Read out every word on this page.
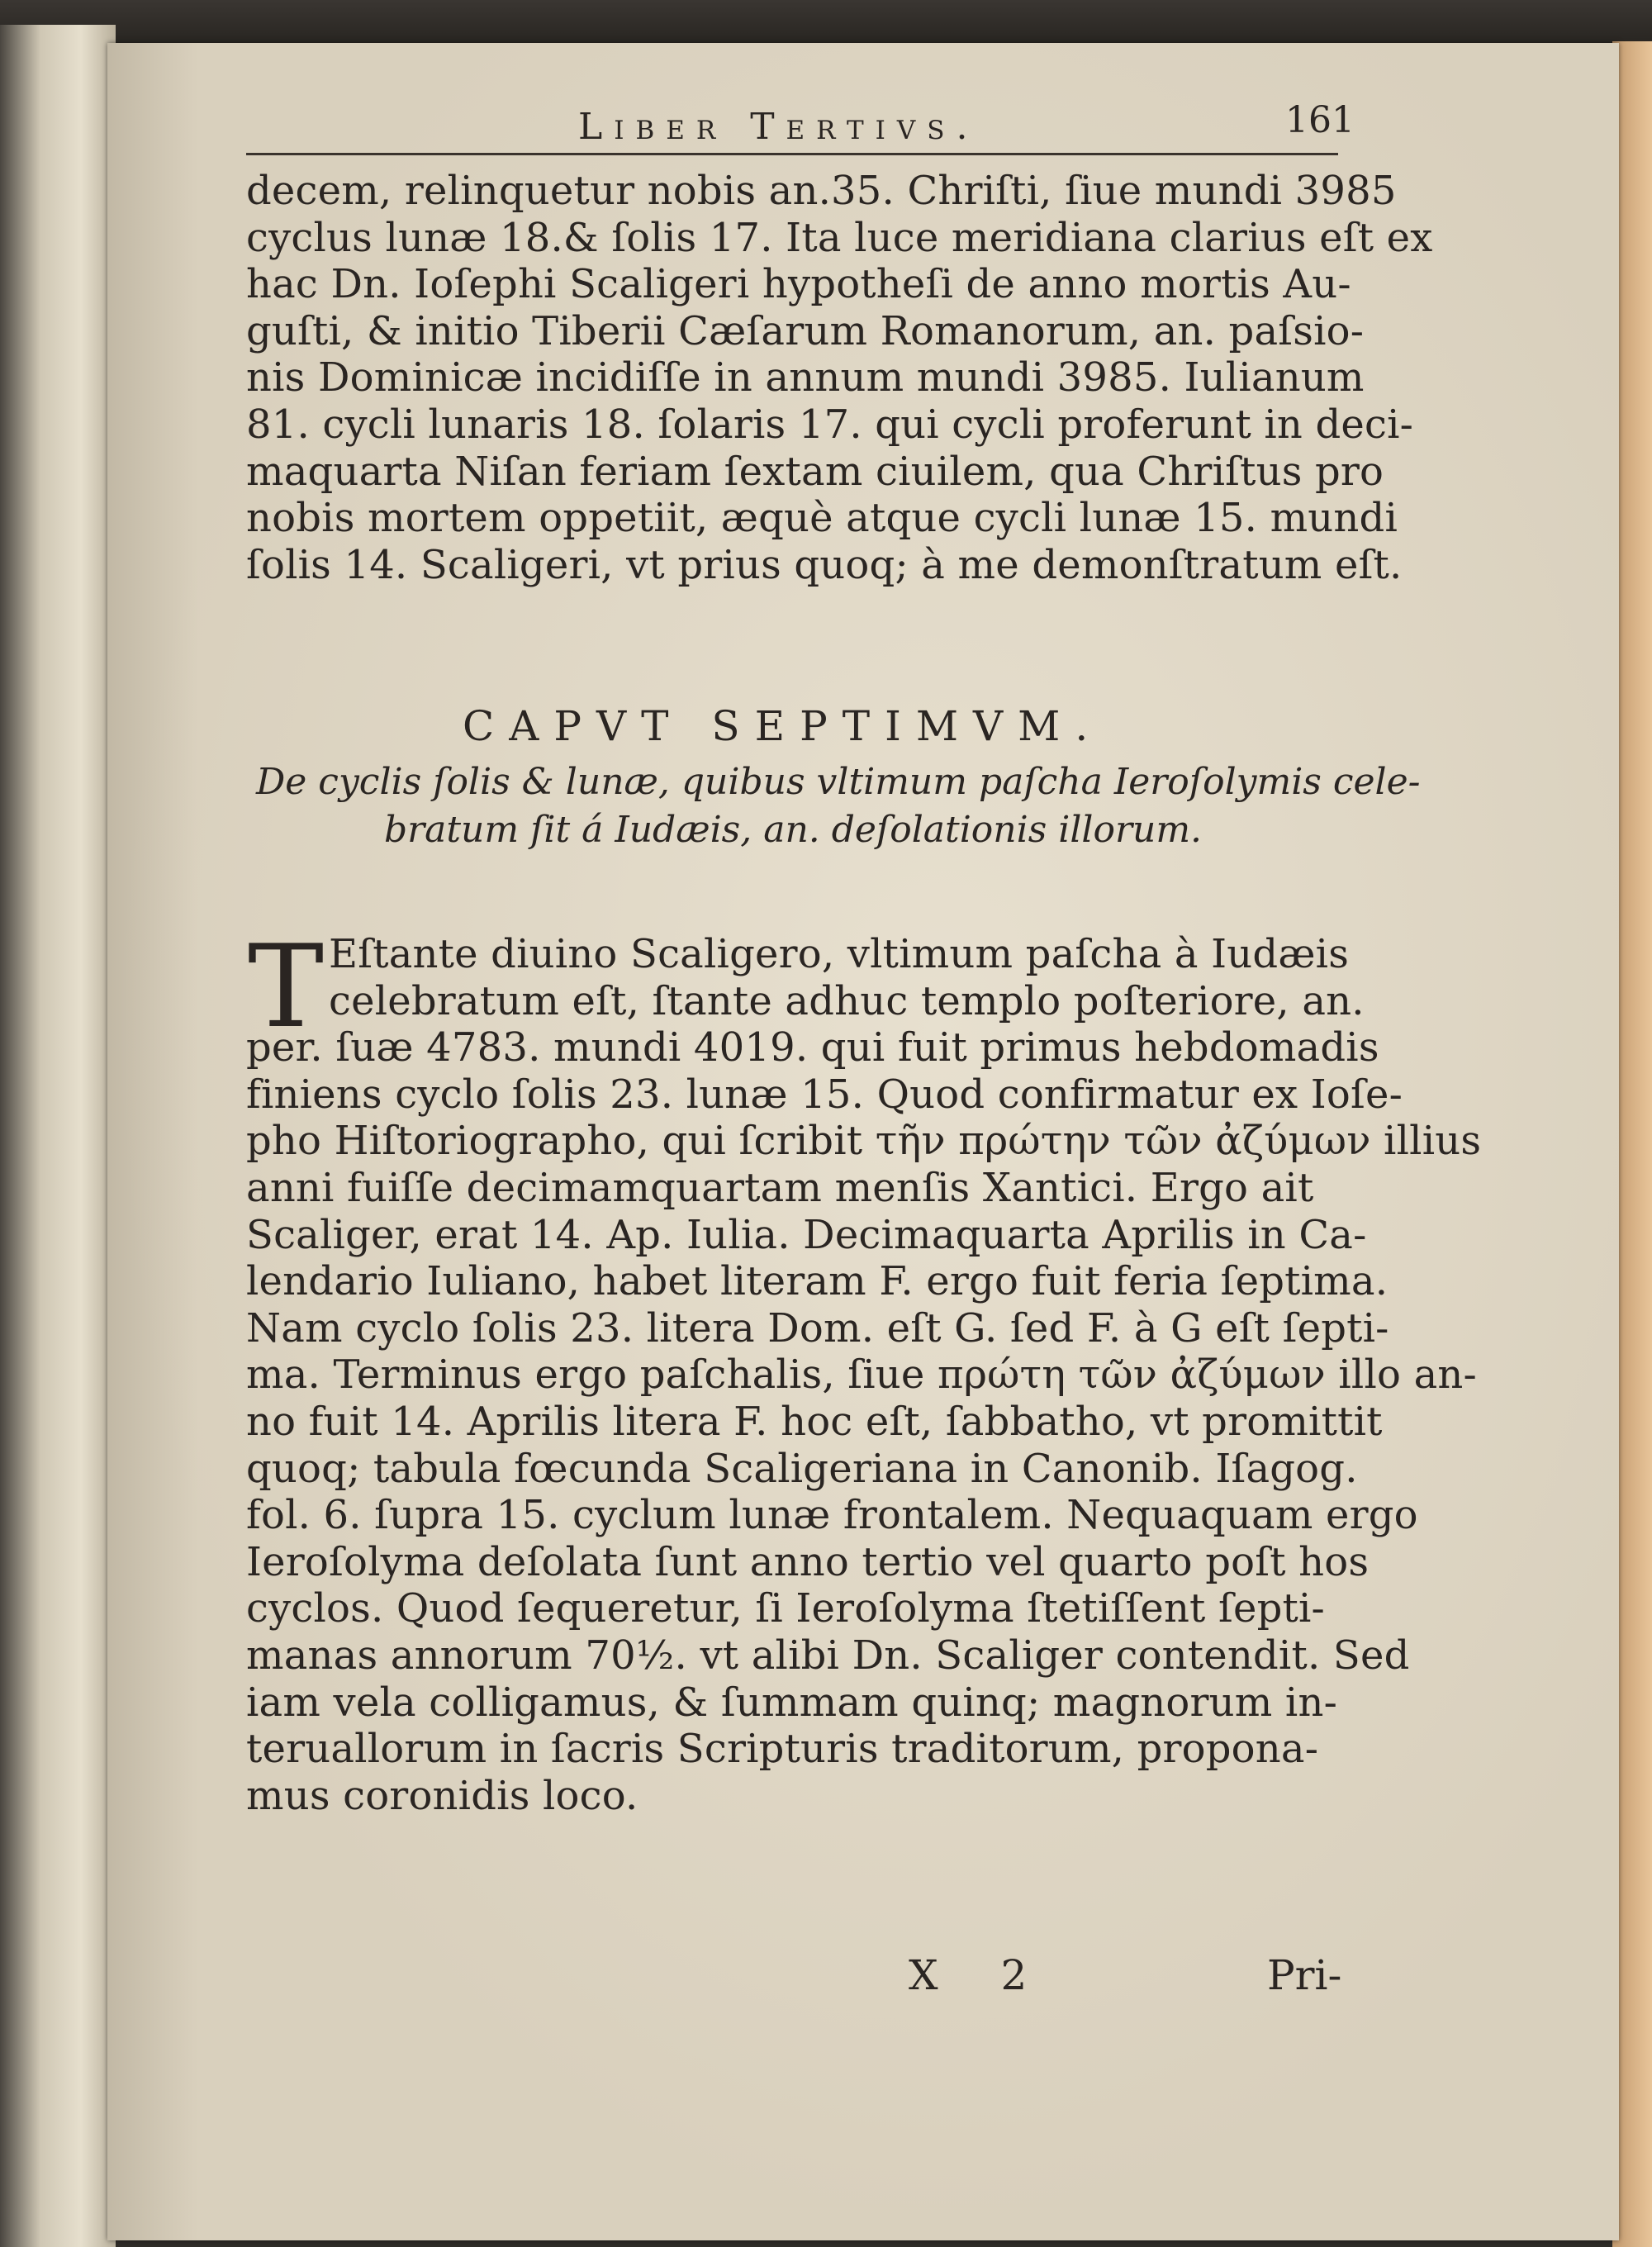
Liber Tertivs.	161
decem, relinquetur nobis an.35. Chriſti, ſiue mundi 3985
cyclus lunæ 18.& ſolis 17. Ita luce meridiana clarius eſt ex
hac Dn. Ioſephi Scaligeri hypotheſi de anno mortis Au-
guſti, & initio Tiberii Cæſarum Romanorum, an. paſsio-
nis Dominicæ incidiſſe in annum mundi 3985. Iulianum
81. cycli lunaris 18. ſolaris 17. qui cycli proferunt in deci-
maquarta Niſan feriam ſextam ciuilem, qua Chriſtus pro
nobis mortem oppetiit, æquè atque cycli lunæ 15. mundi
ſolis 14. Scaligeri, vt prius quoq; à me demonſtratum eſt.
CAPVT SEPTIMVM.
De cyclis ſolis & lunæ, quibus vltimum paſcha Ieroſolymis cele-
bratum ſit á Iudæis, an. deſolationis illorum.
T Eſtante diuino Scaligero, vltimum paſcha à Iudæis
celebratum eſt, ſtante adhuc templo poſteriore, an.
per. ſuæ 4783. mundi 4019. qui fuit primus hebdomadis
finiens cyclo ſolis 23. lunæ 15. Quod confirmatur ex Ioſe-
pho Hiſtoriographo, qui ſcribit τῆν πρώτην τῶν ἀζύμων illius
anni fuiſſe decimamquartam menſis Xantici. Ergo ait
Scaliger, erat 14. Ap. Iulia. Decimaquarta Aprilis in Ca-
lendario Iuliano, habet literam F. ergo fuit feria ſeptima.
Nam cyclo ſolis 23. litera Dom. eſt G. ſed F. à G eſt ſepti-
ma. Terminus ergo paſchalis, ſiue πρώτη τῶν ἀζύμων illo an-
no fuit 14. Aprilis litera F. hoc eſt, ſabbatho, vt promittit
quoq; tabula fœcunda Scaligeriana in Canonib. Iſagog.
fol. 6. ſupra 15. cyclum lunæ frontalem. Nequaquam ergo
Ieroſolyma deſolata ſunt anno tertio vel quarto poſt hos
cyclos. Quod ſequeretur, ſi Ieroſolyma ſtetiſſent ſepti-
manas annorum 70½. vt alibi Dn. Scaliger contendit. Sed
iam vela colligamus, & ſummam quinq; magnorum in-
teruallorum in ſacris Scripturis traditorum, propona-
mus coronidis loco.
X 2	Pri-
